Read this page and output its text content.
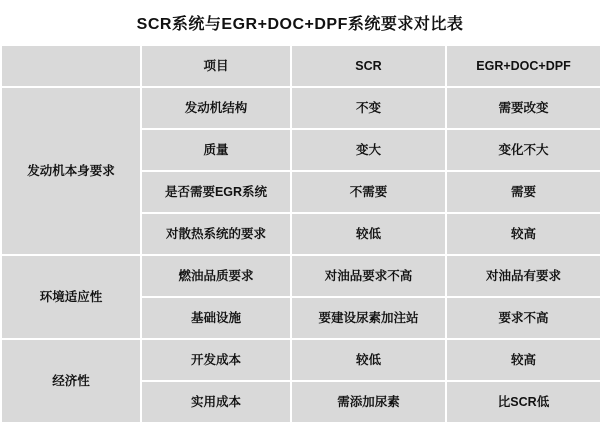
SCR系统与EGR+DOC+DPF系统要求对比表
	项目	SCR	EGR+DOC+DPF
发动机本身要求	发动机结构	不变	需要改变
	质量	变大	变化不大
	是否需要EGR系统	不需要	需要
	对散热系统的要求	较低	较高
环境适应性	燃油品质要求	对油品要求不高	对油品有要求
	基础设施	要建设尿素加注站	要求不高
经济性	开发成本	较低	较高
	实用成本	需添加尿素	比SCR低
